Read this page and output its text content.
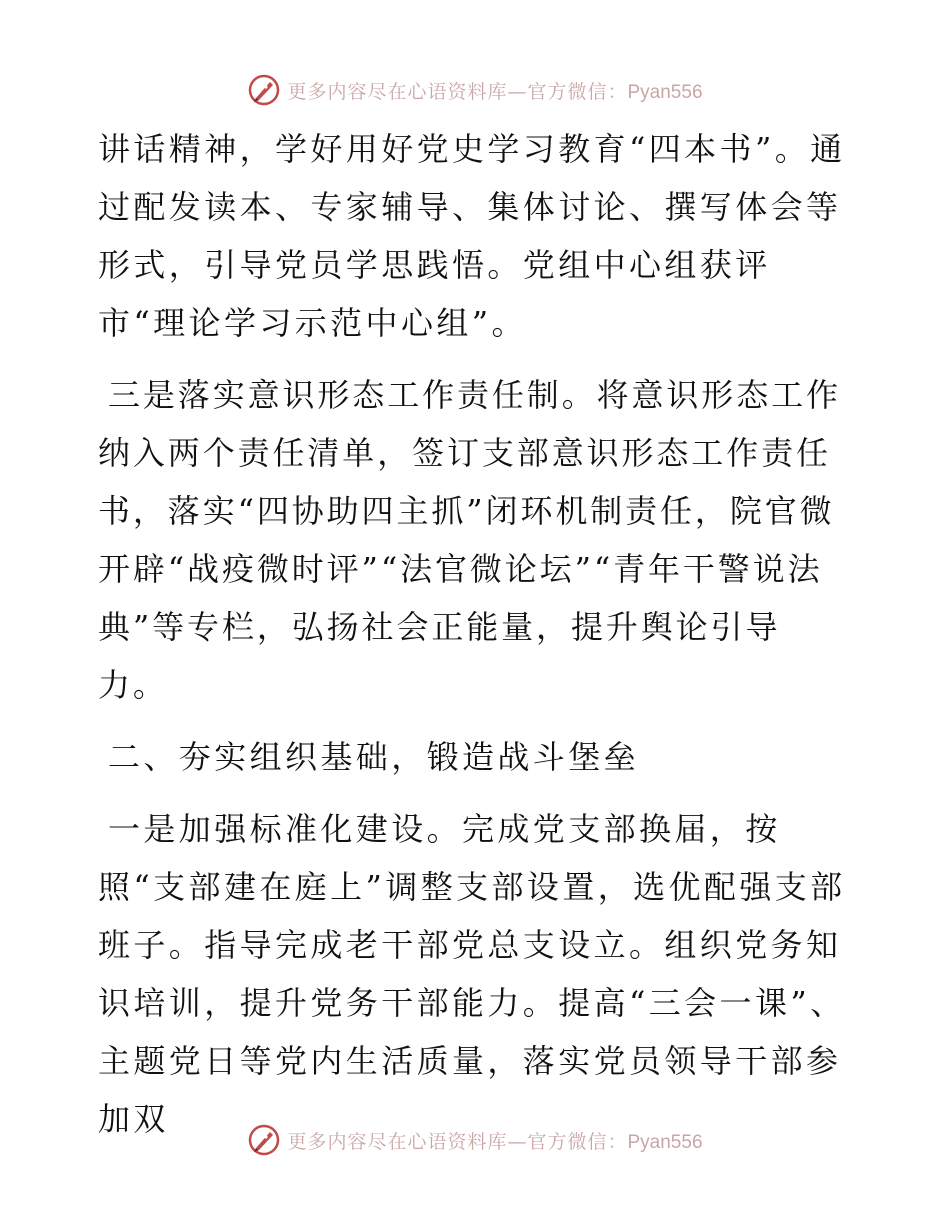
更多内容尽在心语资料库—官方微信：Pyan556

讲话精神，学好用好党史学习教育“四本书”。通过配发读本、专家辅导、集体讨论、撰写体会等形式，引导党员学思践悟。党组中心组获评市“理论学习示范中心组”。

三是落实意识形态工作责任制。将意识形态工作纳入两个责任清单，签订支部意识形态工作责任书，落实“四协助四主抓”闭环机制责任，院官微开辟“战疫微时评”“法官微论坛”“青年干警说法典”等专栏，弘扬社会正能量，提升舆论引导力。

二、夯实组织基础，锻造战斗堡垒

一是加强标准化建设。完成党支部换届，按照“支部建在庭上”调整支部设置，选优配强支部班子。指导完成老干部党总支设立。组织党务知识培训，提升党务干部能力。提高“三会一课”、主题党日等党内生活质量，落实党员领导干部参加双

更多内容尽在心语资料库—官方微信：Pyan556
